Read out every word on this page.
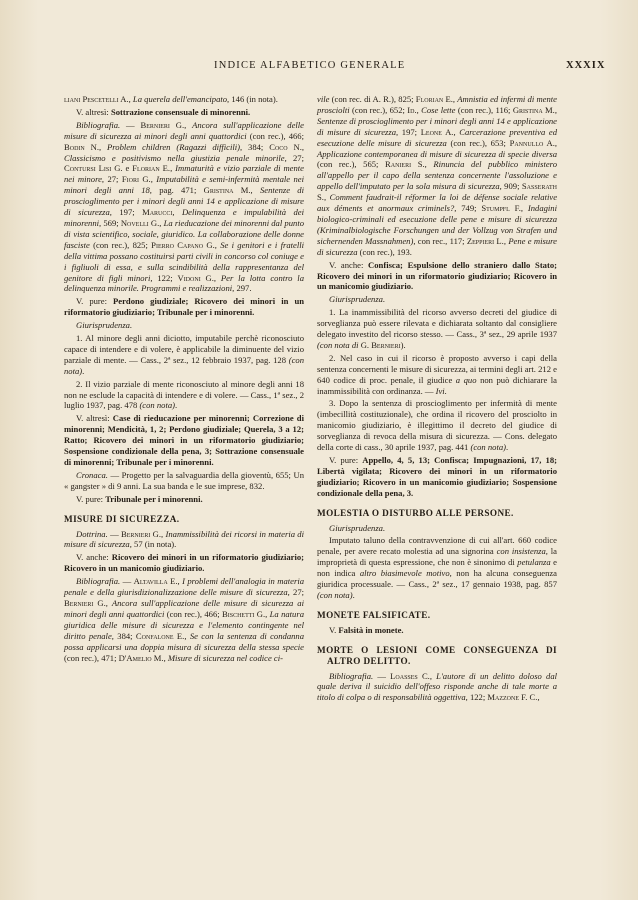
INDICE ALFABETICO GENERALE	XXXIX

liani Pescetelli A., La querela dell'emancipato, 146 (in nota).

V. altresì: Sottrazione consensuale di minorenni.

Bibliografia. — Bernieri G., Ancora sull'applicazione delle misure di sicurezza ai minori degli anni quattordici (con rec.), 466; Bodin N., Problem children (Ragazzi difficili), 384; Coco N., Classicismo e positivismo nella giustizia penale minorile, 27; Contursi Lisi G. e Florian E., Immaturità e vizio parziale di mente nei minore, 27; Fiori G., Imputabilità e semi-infermità mentale nei minori degli anni 18, pag. 471; Gristina M., Sentenze di proscioglimento per i minori degli anni 14 e applicazione di misure di sicurezza, 197; Marucci, Delinquenza e impulabilità dei minorenni, 569; Novelli G., La rieducazione dei minorenni dal punto di vista scientifico, sociale, giuridico. La collaborazione delle donne fasciste (con rec.), 825; Pierro Capano G., Se i genitori e i fratelli della vittima possano costituirsi parti civili in concorso col coniuge e i figliuoli di essa, e sulla scindibilità della rappresentanza del genitore di figli minori, 122; Vidoni G., Per la lotta contro la delinquenza minorile. Programmi e realizzazioni, 297.

V. pure: Perdono giudiziale; Ricovero dei minori in un riformatorio giudiziario; Tribunale per i minorenni.

Giurisprudenza.

1. Al minore degli anni diciotto, imputabile perchè riconosciuto capace di intendere e di volere, è applicabile la diminuente del vizio parziale di mente. — Cass., 2ª sez., 12 febbraio 1937, pag. 128 (con nota).

2. Il vizio parziale di mente riconosciuto al minore degli anni 18 non ne esclude la capacità di intendere e di volere. — Cass., 1ª sez., 2 luglio 1937, pag. 478 (con nota).

V. altresì: Case di rieducazione per minorenni; Correzione di minorenni; Mendicità, 1, 2; Perdono giudiziale; Querela, 3 a 12; Ratto; Ricovero dei minori in un riformatorio giudiziario; Sospensione condizionale della pena, 3; Sottrazione consensuale di minorenni; Tribunale per i minorenni.

Cronaca. — Progetto per la salvaguardia della gioventù, 655; Un « gangster » di 9 anni. La sua banda e le sue imprese, 832.

V. pure: Tribunale per i minorenni.

MISURE DI SICUREZZA.

Dottrina. — Bernieri G., Inammissibilità dei ricorsi in materia di misure di sicurezza, 57 (in nota).

V. anche: Ricovero dei minori in un riformatorio giudiziario; Ricovero in un manicomio giudiziario.

Bibliografia. — Altavilla E., I problemi dell'analogia in materia penale e della giurisdizionalizzazione delle misure di sicurezza, 27; Bernieri G., Ancora sull'applicazione delle misure di sicurezza ai minori degli anni quattordici (con rec.), 466; Bischetti G., La natura giuridica delle misure di sicurezza e l'elemento contingente nel diritto penale, 384; Confalone E., Se con la sentenza di condanna possa applicarsi una doppia misura di sicurezza della stessa specie (con rec.), 471; D'Amelio M., Misure di sicurezza nel codice ci-

vile (con rec. di A. R.), 825; Florian E., Amnistia ed infermi di mente prosciolti (con rec.), 652; Id., Cose lette (con rec.), 116; Gristina M., Sentenze di proscioglimento per i minori degli anni 14 e applicazione di misure di sicurezza, 197; Leone A., Carcerazione preventiva ed esecuzione delle misure di sicurezza (con rec.), 653; Pannullo A., Applicazione contemporanea di misure di sicurezza di specie diversa (con rec.), 565; Ranieri S., Rinuncia del pubblico ministero all'appello per il capo della sentenza concernente l'assoluzione e appello dell'imputato per la sola misura di sicurezza, 909; Sasserath S., Comment faudrait-il réformer la loi de défense sociale relative aux déments et anormaux criminels?, 749; Stumpfl F., Indagini biologico-criminali ed esecuzione delle pene e misure di sicurezza (Kriminalbiologische Forschungen und der Vollzug von Strafen und sichernenden Massnahmen), con rec., 117; Zeppieri L., Pene e misure di sicurezza (con rec.), 193.

V. anche: Confisca; Espulsione dello straniero dallo Stato; Ricovero dei minori in un riformatorio giudiziario; Ricovero in un manicomio giudiziario.

Giurisprudenza.

1. La inammissibilità del ricorso avverso decreti del giudice di sorveglianza può essere rilevata e dichiarata soltanto dal consigliere delegato investito del ricorso stesso. — Cass., 3ª sez., 29 aprile 1937 (con nota di G. Bernieri).

2. Nel caso in cui il ricorso è proposto avverso i capi della sentenza concernenti le misure di sicurezza, ai termini degli art. 212 e 640 codice di proc. penale, il giudice a quo non può dichiarare la inammissibilità con ordinanza. — Ivi.

3. Dopo la sentenza di proscioglimento per infermità di mente (imbecillità costituzionale), che ordina il ricovero del prosciolto in manicomio giudiziario, è illegittimo il decreto del giudice di sorveglianza di revoca della misura di sicurezza. — Cons. delegato della corte di cass., 30 aprile 1937, pag. 441 (con nota).

V. pure: Appello, 4, 5, 13; Confisca; Impugnazioni, 17, 18; Libertà vigilata; Ricovero dei minori in un riformatorio giudiziario; Ricovero in un manicomio giudiziario; Sospensione condizionale della pena, 3.

MOLESTIA O DISTURBO ALLE PERSONE.

Giurisprudenza.

Imputato taluno della contravvenzione di cui all'art. 660 codice penale, per avere recato molestia ad una signorina con insistenza, la improprietà di questa espressione, che non è sinonimo di petulanza e non indica altro biasimevole motivo, non ha alcuna conseguenza giuridica processuale. — Cass., 2ª sez., 17 gennaio 1938, pag. 857 (con nota).

MONETE FALSIFICATE.

V. Falsità in monete.

MORTE O LESIONI COME CONSEGUENZA DI ALTRO DELITTO.

Bibliografia. — Loasses C., L'autore di un delitto doloso dal quale deriva il suicidio dell'offeso risponde anche di tale morte a titolo di colpa o di responsabilità oggettiva, 122; Mazzone F. C.,
